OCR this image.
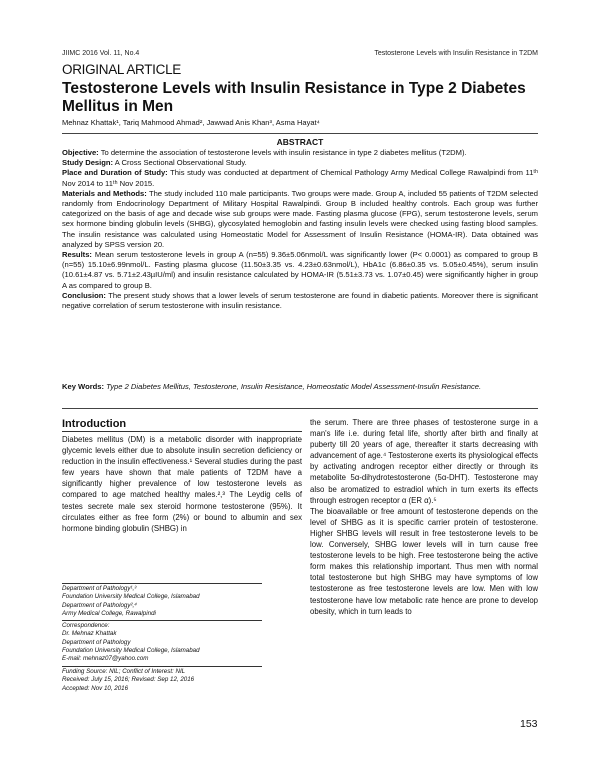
JIIMC 2016 Vol. 11, No.4	Testosterone Levels with Insulin Resistance in T2DM
ORIGINAL ARTICLE
Testosterone Levels with Insulin Resistance in Type 2 Diabetes Mellitus in Men
Mehnaz Khattak¹, Tariq Mahmood Ahmad², Jawwad Anis Khan³, Asma Hayat⁴
ABSTRACT

Objective: To determine the association of testosterone levels with insulin resistance in type 2 diabetes mellitus (T2DM).

Study Design: A Cross Sectional Observational Study.

Place and Duration of Study: This study was conducted at department of Chemical Pathology Army Medical College Rawalpindi from 11ᵗʰ Nov 2014 to 11ᵗʰ Nov 2015.

Materials and Methods: The study included 110 male participants. Two groups were made. Group A, included 55 patients of T2DM selected randomly from Endocrinology Department of Military Hospital Rawalpindi. Group B included healthy controls. Each group was further categorized on the basis of age and decade wise sub groups were made. Fasting plasma glucose (FPG), serum testosterone levels, serum sex hormone binding globulin levels (SHBG), glycosylated hemoglobin and fasting insulin levels were checked using fasting blood samples. The insulin resistance was calculated using Homeostatic Model for Assessment of Insulin Resistance (HOMA-IR). Data obtained was analyzed by SPSS version 20.

Results: Mean serum testosterone levels in group A (n=55) 9.36±5.06nmol/L was significantly lower (P< 0.0001) as compared to group B (n=55) 15.10±6.99nmol/L. Fasting plasma glucose (11.50±3.35 vs. 4.23±0.63nmol/L), HbA1c (6.86±0.35 vs. 5.05±0.45%), serum insulin (10.61±4.87 vs. 5.71±2.43µIU/ml) and insulin resistance calculated by HOMA-IR (5.51±3.73 vs. 1.07±0.45) were significantly higher in group A as compared to group B.

Conclusion: The present study shows that a lower levels of serum testosterone are found in diabetic patients. Moreover there is significant negative correlation of serum testosterone with insulin resistance.

Key Words: Type 2 Diabetes Mellitus, Testosterone, Insulin Resistance, Homeostatic Model Assessment-Insulin Resistance.
Introduction
Diabetes mellitus (DM) is a metabolic disorder with inappropriate glycemic levels either due to absolute insulin secretion deficiency or reduction in the insulin effectiveness.¹ Several studies during the past few years have shown that male patients of T2DM have a significantly higher prevalence of low testosterone levels as compared to age matched healthy males.²,³ The Leydig cells of testes secrete male sex steroid hormone testosterone (95%). It circulates either as free form (2%) or bound to albumin and sex hormone binding globulin (SHBG) in

the serum. There are three phases of testosterone surge in a man's life i.e. during fetal life, shortly after birth and finally at puberty till 20 years of age, thereafter it starts decreasing with advancement of age.⁴ Testosterone exerts its physiological effects by activating androgen receptor either directly or through its metabolite 5α-dihydrotestosterone (5α-DHT). Testosterone may also be aromatized to estradiol which in turn exerts its effects through estrogen receptor α (ER α).⁵

The bioavailable or free amount of testosterone depends on the level of SHBG as it is specific carrier protein of testosterone. Higher SHBG levels will result in free testosterone levels to be low. Conversely, SHBG lower levels will in turn cause free testosterone levels to be high. Free testosterone being the active form makes this relationship important. Thus men with normal total testosterone but high SHBG may have symptoms of low testosterone as free testosterone levels are low. Men with low testosterone have low metabolic rate hence are prone to develop obesity, which in turn leads to

Department of Pathology¹,³
Foundation University Medical College, Islamabad
Department of Pathology²,⁴
Army Medical College, Rawalpindi
Correspondence:
Dr. Mehnaz Khattak
Department of Pathology
Foundation University Medical College, Islamabad
E-mail: mehnaz07@yahoo.com
Funding Source: NIL; Conflict of Interest: NIL
Received: July 15, 2016; Revised: Sep 12, 2016
Accepted: Nov 10, 2016
153
